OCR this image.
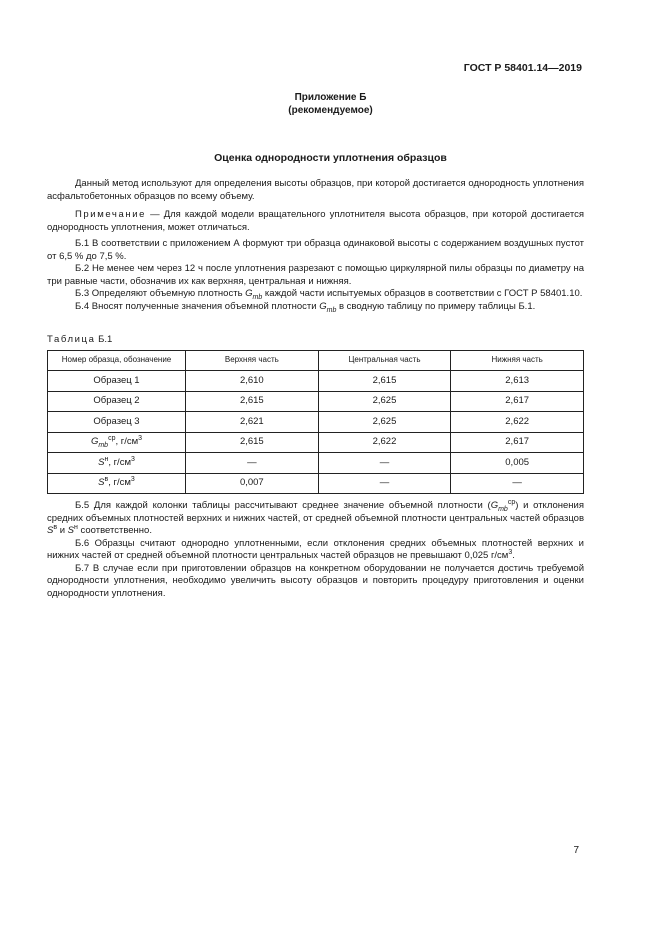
ГОСТ Р 58401.14—2019
Приложение Б
(рекомендуемое)
Оценка однородности уплотнения образцов

Данный метод используют для определения высоты образцов, при которой достигается однородность уплотнения асфальтобетонных образцов по всему объему.

Примечание — Для каждой модели вращательного уплотнителя высота образцов, при которой достигается однородность уплотнения, может отличаться.

Б.1 В соответствии с приложением А формуют три образца одинаковой высоты с содержанием воздушных пустот от 6,5 % до 7,5 %.

Б.2 Не менее чем через 12 ч после уплотнения разрезают с помощью циркулярной пилы образцы по диаметру на три равные части, обозначив их как верхняя, центральная и нижняя.

Б.3 Определяют объемную плотность $G_{mb}$ каждой части испытуемых образцов в соответствии с ГОСТ Р 58401.10.

Б.4 Вносят полученные значения объемной плотности $G_{mb}$ в сводную таблицу по примеру таблицы Б.1.

Таблица Б.1
Номер образца, обозначение	Верхняя часть	Центральная часть	Нижняя часть
Образец 1	2,610	2,615	2,613
Образец 2	2,615	2,625	2,617
Образец 3	2,621	2,625	2,622
$G_{mb}^{ср}$, $г/см^3$	2,615	2,622	2,617
$S^н$, $г/см^3$	—	—	0,005
$S^в$, $г/см^3$	0,007	—	—

Б.5 Для каждой колонки таблицы рассчитывают среднее значение объемной плотности $(G_{mb}^{ср})$ и отклонения средних объемных плотностей верхних и нижних частей, от средней объемной плотности центральных частей образцов $S^в$ и $S^н$ соответственно.

Б.6 Образцы считают однородно уплотненными, если отклонения средних объемных плотностей верхних и нижних частей от средней объемной плотности центральных частей образцов не превышают 0,025 $г/см^3$.

Б.7 В случае если при приготовлении образцов на конкретном оборудовании не получается достичь требуемой однородности уплотнения, необходимо увеличить высоту образцов и повторить процедуру приготовления и оценки однородности уплотнения.

7
